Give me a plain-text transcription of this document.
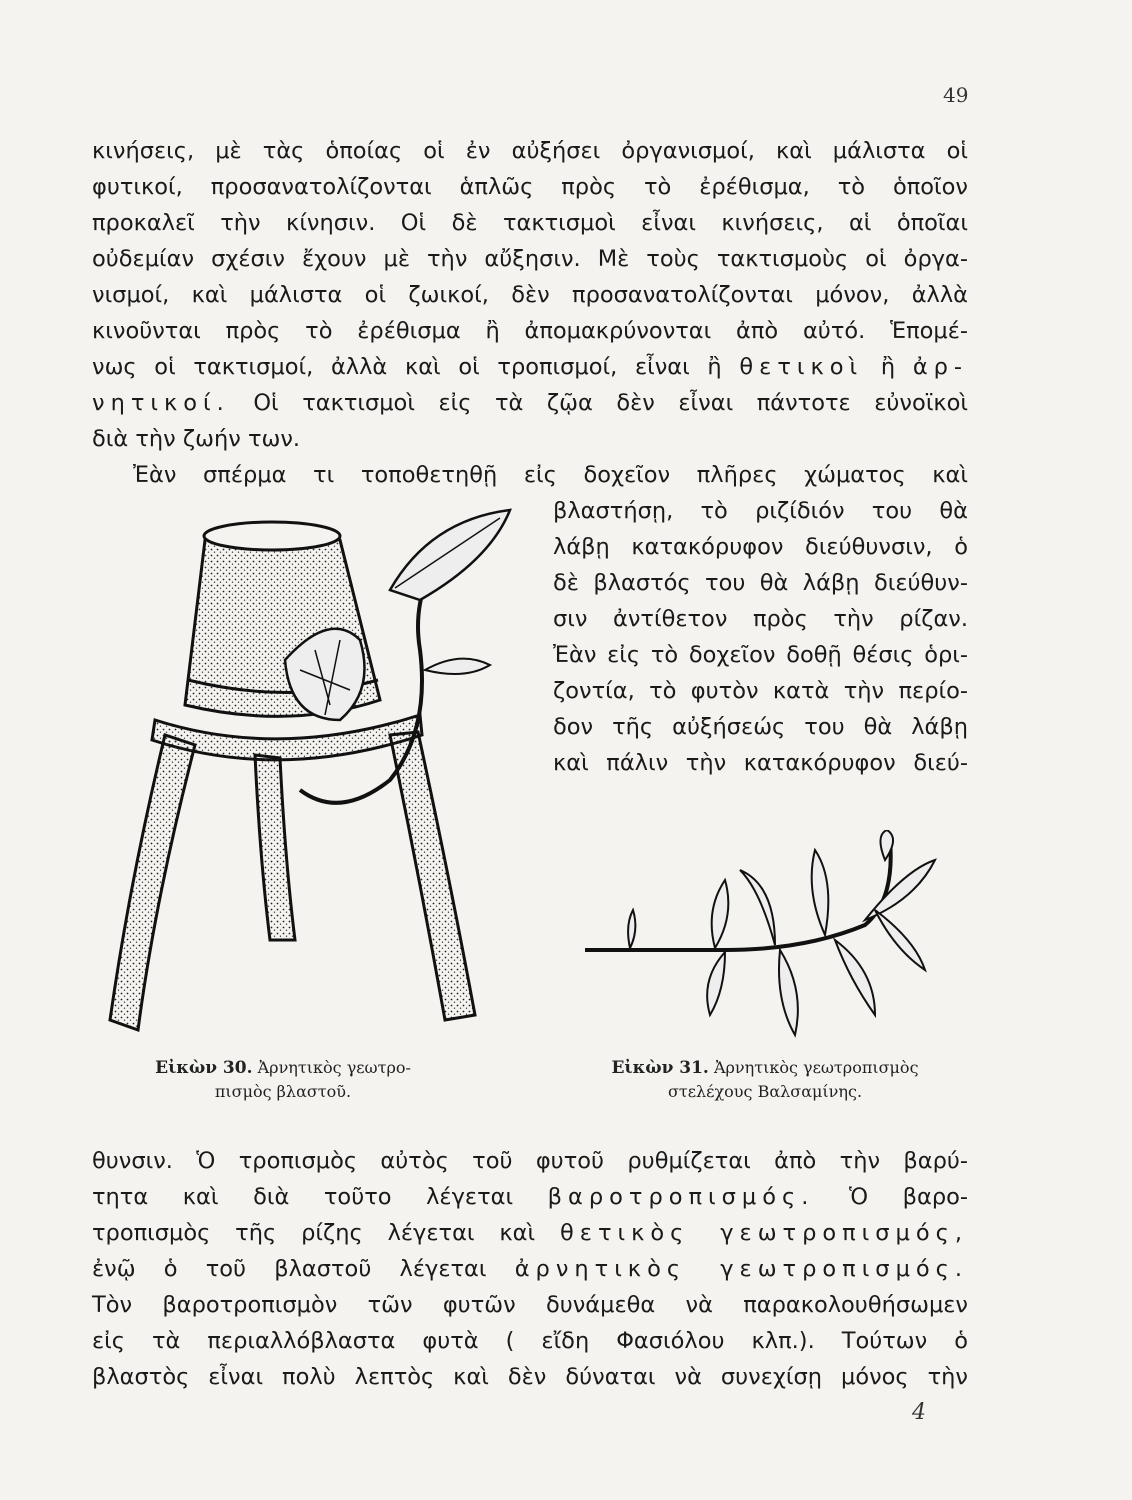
49
κινήσεις, μὲ τὰς ὁποίας οἱ ἐν αὐξήσει ὀργανισμοί, καὶ μάλιστα οἱ
φυτικοί, προσανατολίζονται ἁπλῶς πρὸς τὸ ἐρέθισμα, τὸ ὁποῖον
προκαλεῖ τὴν κίνησιν. Οἱ δὲ τακτισμοὶ εἶναι κινήσεις, αἱ ὁποῖαι
οὐδεμίαν σχέσιν ἔχουν μὲ τὴν αὔξησιν. Μὲ τοὺς τακτισμοὺς οἱ ὀργα-
νισμοί, καὶ μάλιστα οἱ ζωικοί, δὲν προσανατολίζονται μόνον, ἀλλὰ
κινοῦνται πρὸς τὸ ἐρέθισμα ἢ ἀπομακρύνονται ἀπὸ αὐτό. Ἑπομέ-
νως οἱ τακτισμοί, ἀλλὰ καὶ οἱ τροπισμοί, εἶναι ἢ θετικοὶ ἢ ἀρ-
νητικοί. Οἱ τακτισμοὶ εἰς τὰ ζῷα δὲν εἶναι πάντοτε εὐνοϊκοὶ
διὰ τὴν ζωήν των.
Ἐὰν σπέρμα τι τοποθετηθῇ εἰς δοχεῖον πλῆρες χώματος καὶ
βλαστήσῃ, τὸ ριζίδιόν του θὰ
λάβῃ κατακόρυφον διεύθυνσιν, ὁ
δὲ βλαστός του θὰ λάβῃ διεύθυν-
σιν ἀντίθετον πρὸς τὴν ρίζαν.
Ἐὰν εἰς τὸ δοχεῖον δοθῇ θέσις ὁρι-
ζοντία, τὸ φυτὸν κατὰ τὴν περίο-
δον τῆς αὐξήσεώς του θὰ λάβῃ
καὶ πάλιν τὴν κατακόρυφον διεύ-
Εἰκὼν 30. Ἀρνητικὸς γεωτρο-
πισμὸς βλαστοῦ.
Εἰκὼν 31. Ἀρνητικὸς γεωτροπισμὸς
στελέχους Βαλσαμίνης.
θυνσιν. Ὁ τροπισμὸς αὐτὸς τοῦ φυτοῦ ρυθμίζεται ἀπὸ τὴν βαρύ-
τητα καὶ διὰ τοῦτο λέγεται βαροτροπισμός. Ὁ βαρο-
τροπισμὸς τῆς ρίζης λέγεται καὶ θετικὸς γεωτροπισμός,
ἐνῷ ὁ τοῦ βλαστοῦ λέγεται ἀρνητικὸς γεωτροπισμός.
Τὸν βαροτροπισμὸν τῶν φυτῶν δυνάμεθα νὰ παρακολουθήσωμεν
εἰς τὰ περιαλλόβλαστα φυτὰ ( εἴδη Φασιόλου κλπ.). Τούτων ὁ
βλαστὸς εἶναι πολὺ λεπτὸς καὶ δὲν δύναται νὰ συνεχίσῃ μόνος τὴν
4
